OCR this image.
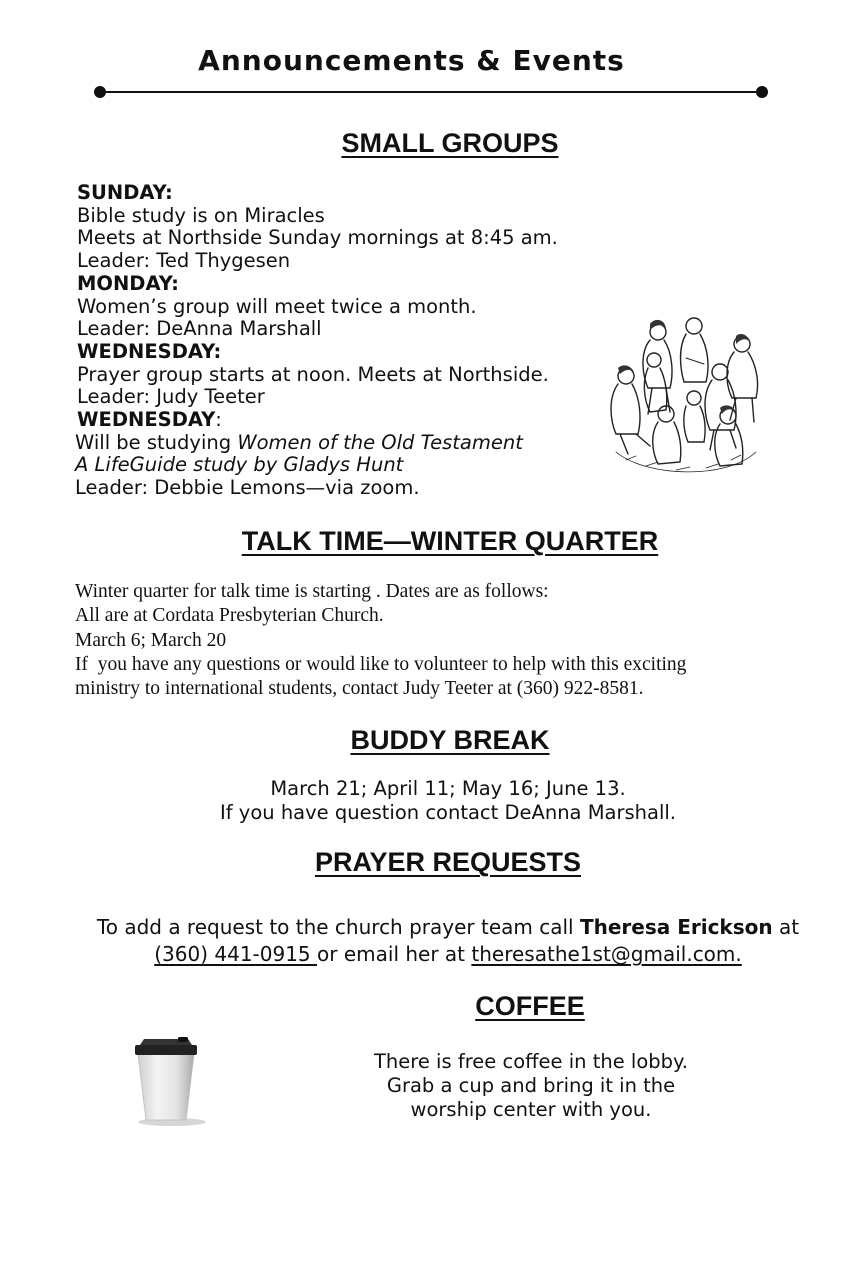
Announcements & Events
SMALL GROUPS
SUNDAY:
Bible study is on Miracles
Meets at Northside Sunday mornings at 8:45 am.
Leader: Ted Thygesen
MONDAY:
Women’s group will meet twice a month.
Leader: DeAnna Marshall
WEDNESDAY:
Prayer group starts at noon. Meets at Northside.
Leader: Judy Teeter
WEDNESDAY:
Will be studying Women of the Old Testament
A LifeGuide study by Gladys Hunt
Leader: Debbie Lemons—via zoom.
TALK TIME—WINTER QUARTER
Winter quarter for talk time is starting . Dates are as follows:
All are at Cordata Presbyterian Church.
March 6; March 20
If  you have any questions or would like to volunteer to help with this exciting
ministry to international students, contact Judy Teeter at (360) 922-8581.
BUDDY BREAK
March 21; April 11; May 16; June 13.
If you have question contact DeAnna Marshall.
PRAYER REQUESTS
To add a request to the church prayer team call Theresa Erickson at
(360) 441-0915 or email her at theresathe1st@gmail.com.
COFFEE
There is free coffee in the lobby.
Grab a cup and bring it in the
worship center with you.
